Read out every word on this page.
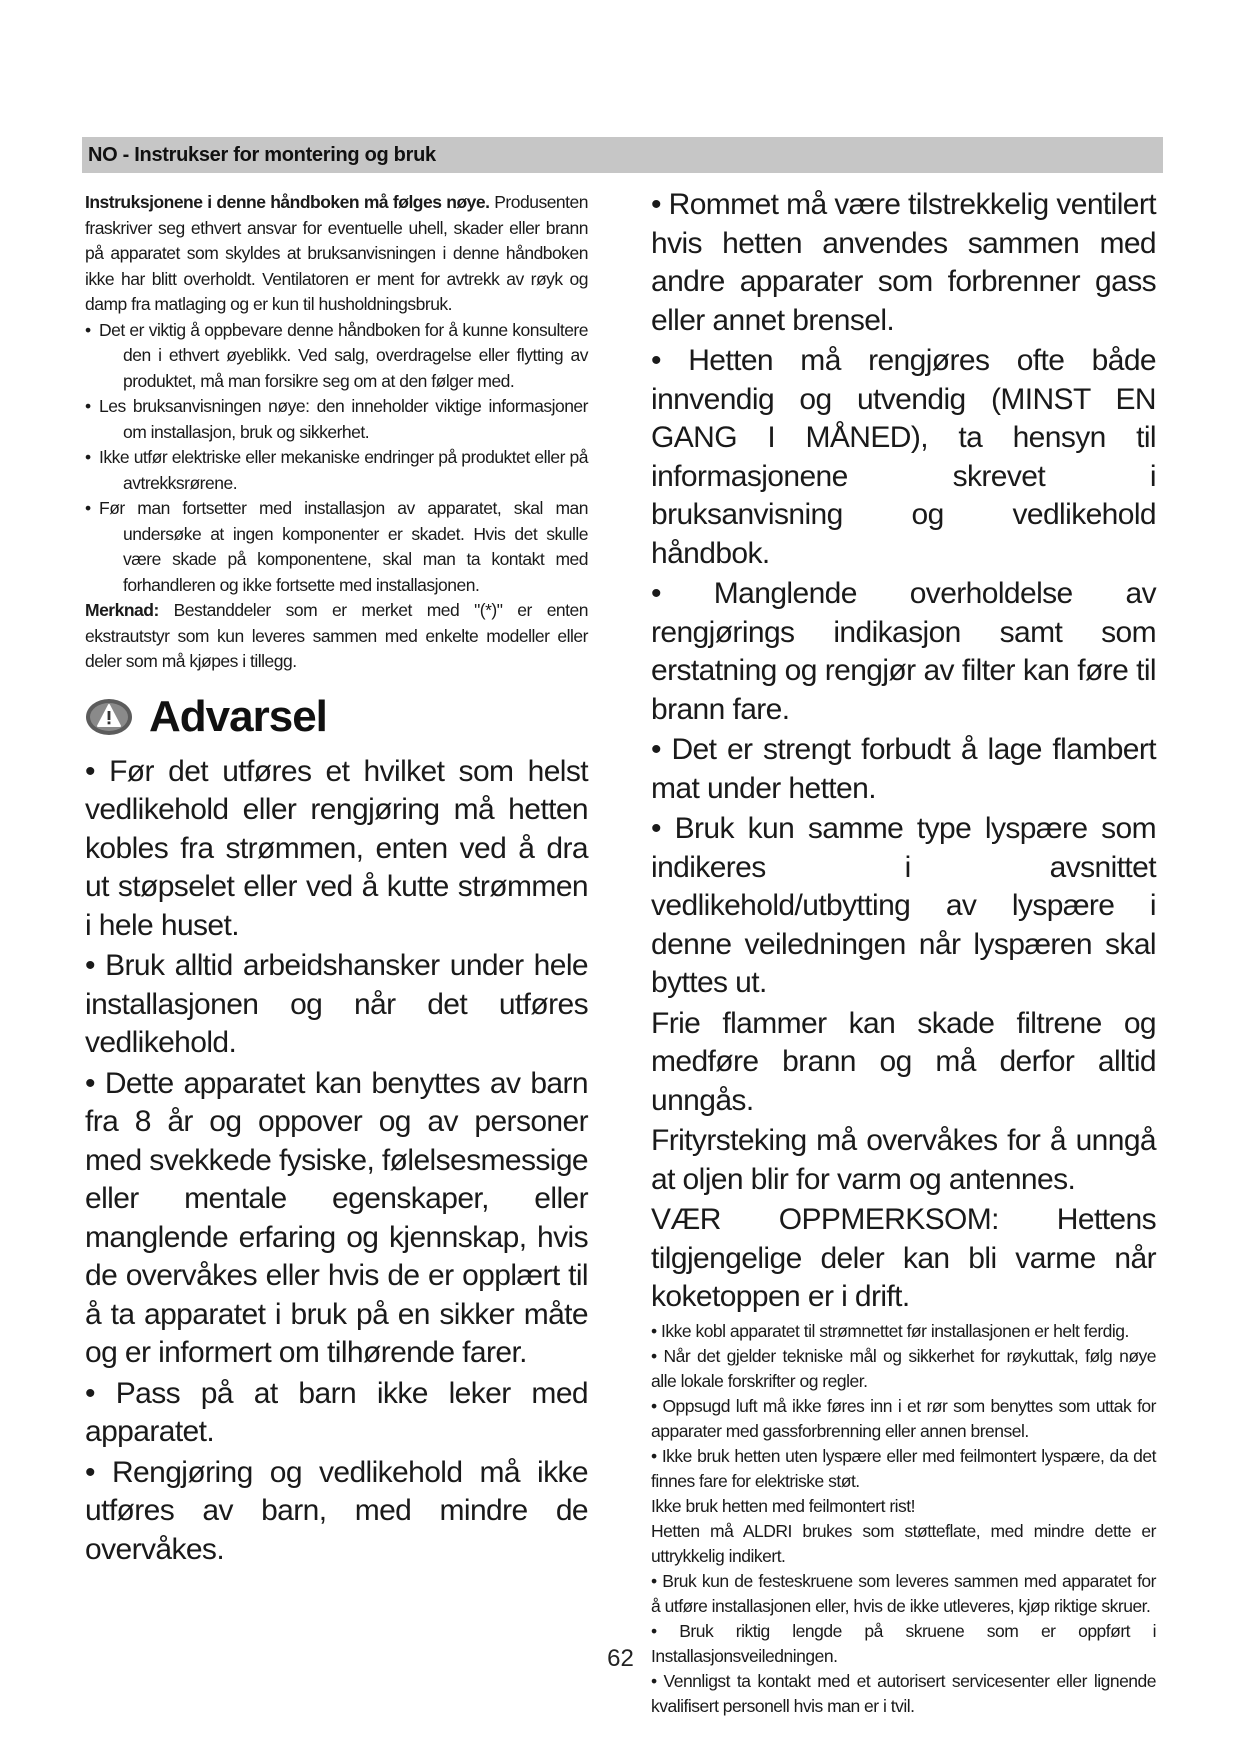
NO - Instrukser for montering og bruk

Instruksjonene i denne håndboken må følges nøye. Produsenten fraskriver seg ethvert ansvar for eventuelle uhell, skader eller brann på apparatet som skyldes at bruksanvisningen i denne håndboken ikke har blitt overholdt. Ventilatoren er ment for avtrekk av røyk og damp fra matlaging og er kun til husholdningsbruk.

• Det er viktig å oppbevare denne håndboken for å kunne konsultere den i ethvert øyeblikk. Ved salg, overdragelse eller flytting av produktet, må man forsikre seg om at den følger med.

• Les bruksanvisningen nøye: den inneholder viktige informasjoner om installasjon, bruk og sikkerhet.

• Ikke utfør elektriske eller mekaniske endringer på produktet eller på avtrekksrørene.

• Før man fortsetter med installasjon av apparatet, skal man undersøke at ingen komponenter er skadet. Hvis det skulle være skade på komponentene, skal man ta kontakt med forhandleren og ikke fortsette med installasjonen.

Merknad: Bestanddeler som er merket med "(*)" er enten ekstrautstyr som kun leveres sammen med enkelte modeller eller deler som må kjøpes i tillegg.

Advarsel

• Før det utføres et hvilket som helst vedlikehold eller rengjøring må hetten kobles fra strømmen, enten ved å dra ut støpselet eller ved å kutte strømmen i hele huset.

• Bruk alltid arbeidshansker under hele installasjonen og når det utføres vedlikehold.

• Dette apparatet kan benyttes av barn fra 8 år og oppover og av personer med svekkede fysiske, følelsesmessige eller mentale egenskaper, eller manglende erfaring og kjennskap, hvis de overvåkes eller hvis de er opplært til å ta apparatet i bruk på en sikker måte og er informert om tilhørende farer.

• Pass på at barn ikke leker med apparatet.

• Rengjøring og vedlikehold må ikke utføres av barn, med mindre de overvåkes.

• Rommet må være tilstrekkelig ventilert hvis hetten anvendes sammen med andre apparater som forbrenner gass eller annet brensel.

• Hetten må rengjøres ofte både innvendig og utvendig (MINST EN GANG I MÅNED), ta hensyn til informasjonene skrevet i bruksanvisning og vedlikehold håndbok.

• Manglende overholdelse av rengjørings indikasjon samt som erstatning og rengjør av filter kan føre til brann fare.

• Det er strengt forbudt å lage flambert mat under hetten.

• Bruk kun samme type lyspære som indikeres i avsnittet vedlikehold/utbytting av lyspære i denne veiledningen når lyspæren skal byttes ut.

Frie flammer kan skade filtrene og medføre brann og må derfor alltid unngås.

Frityrsteking må overvåkes for å unngå at oljen blir for varm og antennes.

VÆR OPPMERKSOM: Hettens tilgjengelige deler kan bli varme når koketoppen er i drift.

• Ikke kobl apparatet til strømnettet før installasjonen er helt ferdig.

• Når det gjelder tekniske mål og sikkerhet for røykuttak, følg nøye alle lokale forskrifter og regler.

• Oppsugd luft må ikke føres inn i et rør som benyttes som uttak for apparater med gassforbrenning eller annen brensel.

• Ikke bruk hetten uten lyspære eller med feilmontert lyspære, da det finnes fare for elektriske støt.

Ikke bruk hetten med feilmontert rist!

Hetten må ALDRI brukes som støtteflate, med mindre dette er uttrykkelig indikert.

• Bruk kun de festeskruene som leveres sammen med apparatet for å utføre installasjonen eller, hvis de ikke utleveres, kjøp riktige skruer.

• Bruk riktig lengde på skruene som er oppført i Installasjonsveiledningen.

• Vennligst ta kontakt med et autorisert servicesenter eller lignende kvalifisert personell hvis man er i tvil.

62
